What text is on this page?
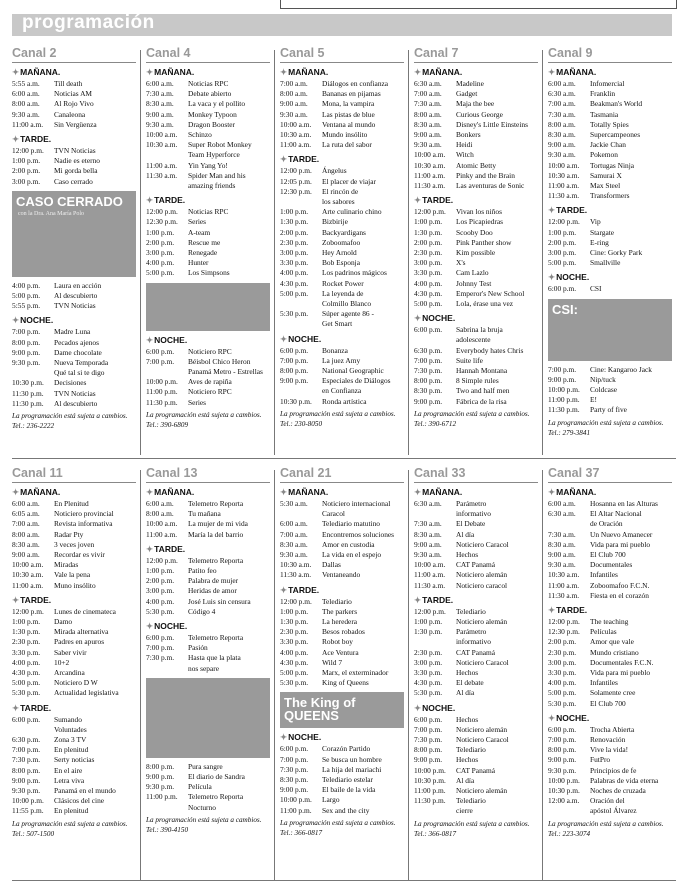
programación
Canal 2
✦MAÑANA.
5:55 a.m.	Till death
6:00 a.m.	Noticias AM
8:00 a.m.	Al Rojo Vivo
9:30 a.m.	Canaleona
11:00 a.m.	Sin Vergüenza
✦TARDE.
12:00 p.m.	TVN Noticias
1:00 p.m.	Nadie es eterno
2:00 p.m.	Mi gorda bella
3:00 p.m.	Caso cerrado
CASO CERRADO
con la Dra. Ana María Polo
4:00 p.m.	Laura en acción
5:00 p.m.	Al descubierto
5:55 p.m.	TVN Noticias
✦NOCHE.
7:00 p.m.	Madre Luna
8:00 p.m.	Pecados ajenos
9:00 p.m.	Dame chocolate
9:30 p.m.	Nueva Temporada
Qué tal si te digo
10:30 p.m.	Decisiones
11:30 p.m.	TVN Noticias
11:30 p.m.	Al descubierto
La programación está sujeta a cambios. Tel.: 236-2222
Canal 4
✦MAÑANA.
6:00 a.m.	Noticias RPC
7:30 a.m.	Debate abierto
8:30 a.m.	La vaca y el pollito
9:00 a.m.	Monkey Typoon
9:30 a.m.	Dragon Booster
10:00 a.m.	Schinzo
10:30 a.m.	Super Robot Monkey
Team Hyperforce
11:00 a.m.	Yin Yang Yo!
11:30 a.m.	Spider Man and his
amazing friends
✦TARDE.
12:00 p.m.	Noticias RPC
12:30 p.m.	Series
1:00 p.m.	A-team
2:00 p.m.	Rescue me
3:00 p.m.	Renegade
4:00 p.m.	Hunter
5:00 p.m.	Los Simpsons
✦NOCHE.
6:00 p.m.	Noticiero RPC
7:00 p.m.	Béisbol Chico Heron
Panamá Metro - Estrellas
10:00 p.m.	Aves de rapiña
11:00 p.m.	Noticiero RPC
11:30 p.m.	Series
La programación está sujeta a cambios. Tel.: 390-6809
Canal 5
✦MAÑANA.
7:00 a.m.	Diálogos en confianza
8:00 a.m.	Bananas en pijamas
9:00 a.m.	Mona, la vampira
9:30 a.m.	Las pistas de blue
10:00 a.m.	Ventana al mundo
10:30 a.m.	Mundo insólito
11:00 a.m.	La ruta del sabor
✦TARDE.
12:00 p.m.	Ángelus
12:05 p.m.	El placer de viajar
12:30 p.m.	El rincón de
los sabores
1:00 p.m.	Arte culinario chino
1:30 p.m.	Bizbirije
2:00 p.m.	Backyardigans
2:30 p.m.	Zoboomafoo
3:00 p.m.	Hey Arnold
3:30 p.m.	Bob Esponja
4:00 p.m.	Los padrinos mágicos
4:30 p.m.	Rocket Power
5:00 p.m.	La leyenda de
Colmillo Blanco
5:30 p.m.	Súper agente 86 -
Get Smart
✦NOCHE.
6:00 p.m.	Bonanza
7:00 p.m.	La juez Amy
8:00 p.m.	National Geographic
9:00 p.m.	Especiales de Diálogos
en Confianza
10:30 p.m.	Ronda artística
La programación está sujeta a cambios. Tel.: 230-8050
Canal 7
✦MAÑANA.
6:30 a.m.	Madeline
7:00 a.m.	Gadget
7:30 a.m.	Maja the bee
8:00 a.m.	Curious George
8:30 a.m.	Disney's Little Einsteins
9:00 a.m.	Bonkers
9:30 a.m.	Heidi
10:00 a.m.	Witch
10:30 a.m.	Atomic Betty
11:00 a.m.	Pinky and the Brain
11:30 a.m.	Las aventuras de Sonic
✦TARDE.
12:00 p.m.	Vivan los niños
1:00 p.m.	Los Picapiedras
1:30 p.m.	Scooby Doo
2:00 p.m.	Pink Panther show
2:30 p.m.	Kim possible
3:00 p.m.	X's
3:30 p.m.	Cam Lazlo
4:00 p.m.	Johnny Test
4:30 p.m.	Emperor's New School
5:00 p.m.	Lola, érase una vez
✦NOCHE.
6:00 p.m.	Sabrina la bruja
adolescente
6:30 p.m.	Everybody hates Chris
7:00 p.m.	Suite life
7:30 p.m.	Hannah Montana
8:00 p.m.	8 Simple rules
8:30 p.m.	Two and half men
9:00 p.m.	Fábrica de la risa
La programación está sujeta a cambios. Tel.: 390-6712
Canal 9
✦MAÑANA.
6:00 a.m.	Infomercial
6:30 a.m.	Franklin
7:00 a.m.	Beakman's World
7:30 a.m.	Tasmania
8:00 a.m.	Totally Spies
8:30 a.m.	Supercampeones
9:00 a.m.	Jackie Chan
9:30 a.m.	Pokemon
10:00 a.m.	Tortugas Ninja
10:30 a.m.	Samurai X
11:00 a.m.	Max Steel
11:30 a.m.	Transformers
✦TARDE.
12:00 p.m.	Vip
1:00 p.m.	Stargate
2:00 p.m.	E-ring
3:00 p.m.	Cine: Gorky Park
5:00 p.m.	Smallville
✦NOCHE.
6:00 p.m.	CSI
CSI:
7:00 p.m.	Cine: Kangaroo Jack
9:00 p.m.	Nip/tuck
10:00 p.m.	Coldcase
11:00 p.m.	E!
11:30 p.m.	Party of five
La programación está sujeta a cambios. Tel.: 279-3841
Canal 11
✦MAÑANA.
6:00 a.m.	En Plenitud
6:05 a.m.	Noticiero provincial
7:00 a.m.	Revista informativa
8:00 a.m.	Radar Pty
8:30 a.m.	3 veces joven
9:00 a.m.	Recordar es vivir
10:00 a.m.	Miradas
10:30 a.m.	Vale la pena
11:00 a.m.	Muno insólito
✦TARDE.
12:00 p.m.	Lunes de cinemateca
1:00 p.m.	Damo
1:30 p.m.	Mirada alternativa
2:30 p.m.	Padres en apuros
3:30 p.m.	Saber vivir
4:00 p.m.	10+2
4:30 p.m.	Arcandina
5:00 p.m.	Noticiero D W
5:30 p.m.	Actualidad legislativa
✦TARDE.
6:00 p.m.	Sumando
Voluntades
6:30 p.m.	Zona 3 TV
7:00 p.m.	En plenitud
7:30 p.m.	Serty noticias
8:00 p.m.	En el aire
9:00 p.m.	Letra viva
9:30 p.m.	Panamá en el mundo
10:00 p.m.	Clásicos del cine
11:55 p.m.	En plenitud
La programación está sujeta a cambios. Tel.: 507-1500
Canal 13
✦MAÑANA.
6:00 a.m.	Telemetro Reporta
8:00 a.m.	Tu mañana
10:00 a.m.	La mujer de mi vida
11:00 a.m.	María la del barrio
✦TARDE.
12:00 p.m.	Telemetro Reporta
1:00 p.m.	Patito feo
2:00 p.m.	Palabra de mujer
3:00 p.m.	Heridas de amor
4:00 p.m.	José Luis sin censura
5:30 p.m.	Código 4
✦NOCHE.
6:00 p.m.	Telemetro Reporta
7:00 p.m.	Pasión
7:30 p.m.	Hasta que la plata
nos separe
8:00 p.m.	Pura sangre
9:00 p.m.	El diario de Sandra
9:30 p.m.	Película
11:00 p.m.	Telemetro Reporta
Nocturno
La programación está sujeta a cambios. Tel.: 390-4150
Canal 21
✦MAÑANA.
5:30 a.m.	Noticiero internacional
Caracol
6:00 a.m.	Telediario matutino
7:00 a.m.	Encontremos soluciones
8:30 a.m.	Amor en custodia
9:30 a.m.	La vida en el espejo
10:30 a.m.	Dallas
11:30 a.m.	Ventaneando
✦TARDE.
12:00 p.m.	Telediario
1:00 p.m.	The parkers
1:30 p.m.	La heredera
2:30 p.m.	Besos robados
3:30 p.m.	Robot boy
4:00 p.m.	Ace Ventura
4:30 p.m.	Wild 7
5:00 p.m.	Marx, el exterminador
5:30 p.m.	King of Queens
The King of QUEENS
✦NOCHE.
6:00 p.m.	Corazón Partido
7:00 p.m.	Se busca un hombre
7:30 p.m.	La hija del mariachi
8:30 p.m.	Telediario estelar
9:00 p.m.	El baile de la vida
10:00 p.m.	Largo
11:00 p.m.	Sex and the city
La programación está sujeta a cambios. Tel.: 366-0817
Canal 33
✦MAÑANA.
6:30 a.m.	Parámetro
informativo
7:30 a.m.	El Debate
8:30 a.m.	Al día
9:00 a.m.	Noticiero Caracol
9:30 a.m.	Hechos
10:00 a.m.	CAT Panamá
11:00 a.m.	Noticiero alemán
11:30 a.m.	Noticiero caracol
✦TARDE.
12:00 p.m.	Telediario
1:00 p.m.	Noticiero alemán
1:30 p.m.	Parámetro
informativo
2:30 p.m.	CAT Panamá
3:00 p.m.	Noticiero Caracol
3:30 p.m.	Hechos
4:30 p.m.	El debate
5:30 p.m.	Al día
✦NOCHE.
6:00 p.m.	Hechos
7:00 p.m.	Noticiero alemán
7:30 p.m.	Noticiero Caracol
8:00 p.m.	Telediario
9:00 p.m.	Hechos
10:00 p.m.	CAT Panamá
10:30 p.m.	Al día
11:00 p.m.	Noticiero alemán
11:30 p.m.	Telediario
cierre
La programación está sujeta a cambios. Tel.: 366-0817
Canal 37
✦MAÑANA.
6:00 a.m.	Hosanna en las Alturas
6:30 a.m.	El Altar Nacional
de Oración
7:30 a.m.	Un Nuevo Amanecer
8:30 a.m.	Vida para mi pueblo
9:00 a.m.	El Club 700
9:30 a.m.	Documentales
10:30 a.m.	Infantiles
11:00 a.m.	Zoboomafoo F.C.N.
11:30 a.m.	Fiesta en el corazón
✦TARDE.
12:00 p.m.	The teaching
12:30 p.m.	Películas
2:00 p.m.	Amor que vale
2:30 p.m.	Mundo cristiano
3:00 p.m.	Documentales F.C.N.
3:30 p.m.	Vida para mi pueblo
4:00 p.m.	Infantiles
5:00 p.m.	Solamente cree
5:30 p.m.	El Club 700
✦NOCHE.
6:00 p.m.	Trocha Abierta
7:00 p.m.	Renovación
8:00 p.m.	Vive la vida!
9:00 p.m.	FutPro
9:30 p.m.	Principios de fe
10:00 p.m.	Palabras de vida eterna
10:30 p.m.	Noches de cruzada
12:00 a.m.	Oración del
apóstol Álvarez
La programación está sujeta a cambios. Tel.: 223-3074
